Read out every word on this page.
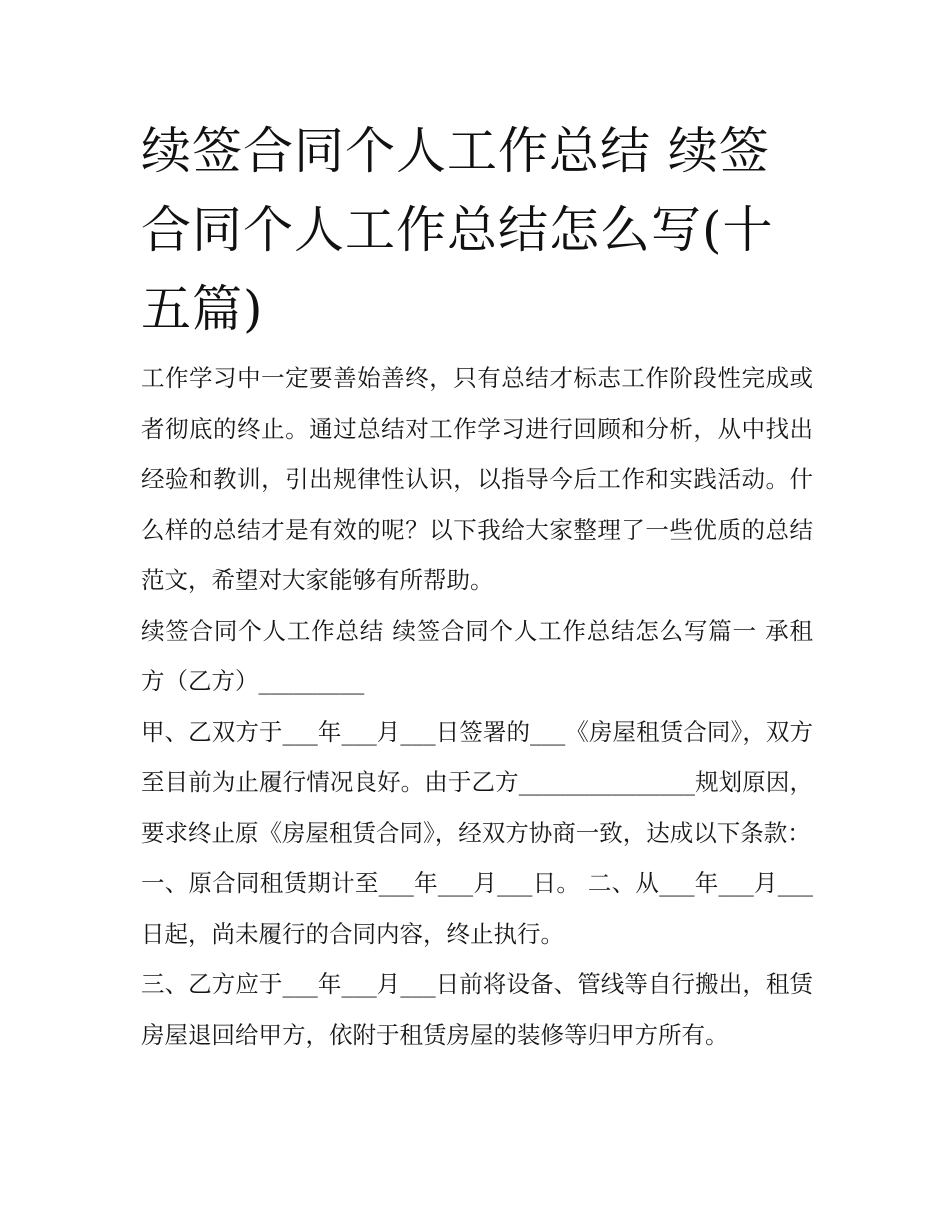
续签合同个人工作总结 续签合同个人工作总结怎么写(十五篇)

工作学习中一定要善始善终，只有总结才标志工作阶段性完成或者彻底的终止。通过总结对工作学习进行回顾和分析，从中找出经验和教训，引出规律性认识，以指导今后工作和实践活动。什么样的总结才是有效的呢？以下我给大家整理了一些优质的总结范文，希望对大家能够有所帮助。

续签合同个人工作总结 续签合同个人工作总结怎么写篇一 承租方（乙方）_________

甲、乙双方于___年___月___日签署的___《房屋租赁合同》，双方至目前为止履行情况良好。由于乙方_______________规划原因，要求终止原《房屋租赁合同》，经双方协商一致，达成以下条款：

一、原合同租赁期计至___年___月___日。 二、从___年___月___日起，尚未履行的合同内容，终止执行。

三、乙方应于___年___月___日前将设备、管线等自行搬出，租赁房屋退回给甲方，依附于租赁房屋的装修等归甲方所有。
